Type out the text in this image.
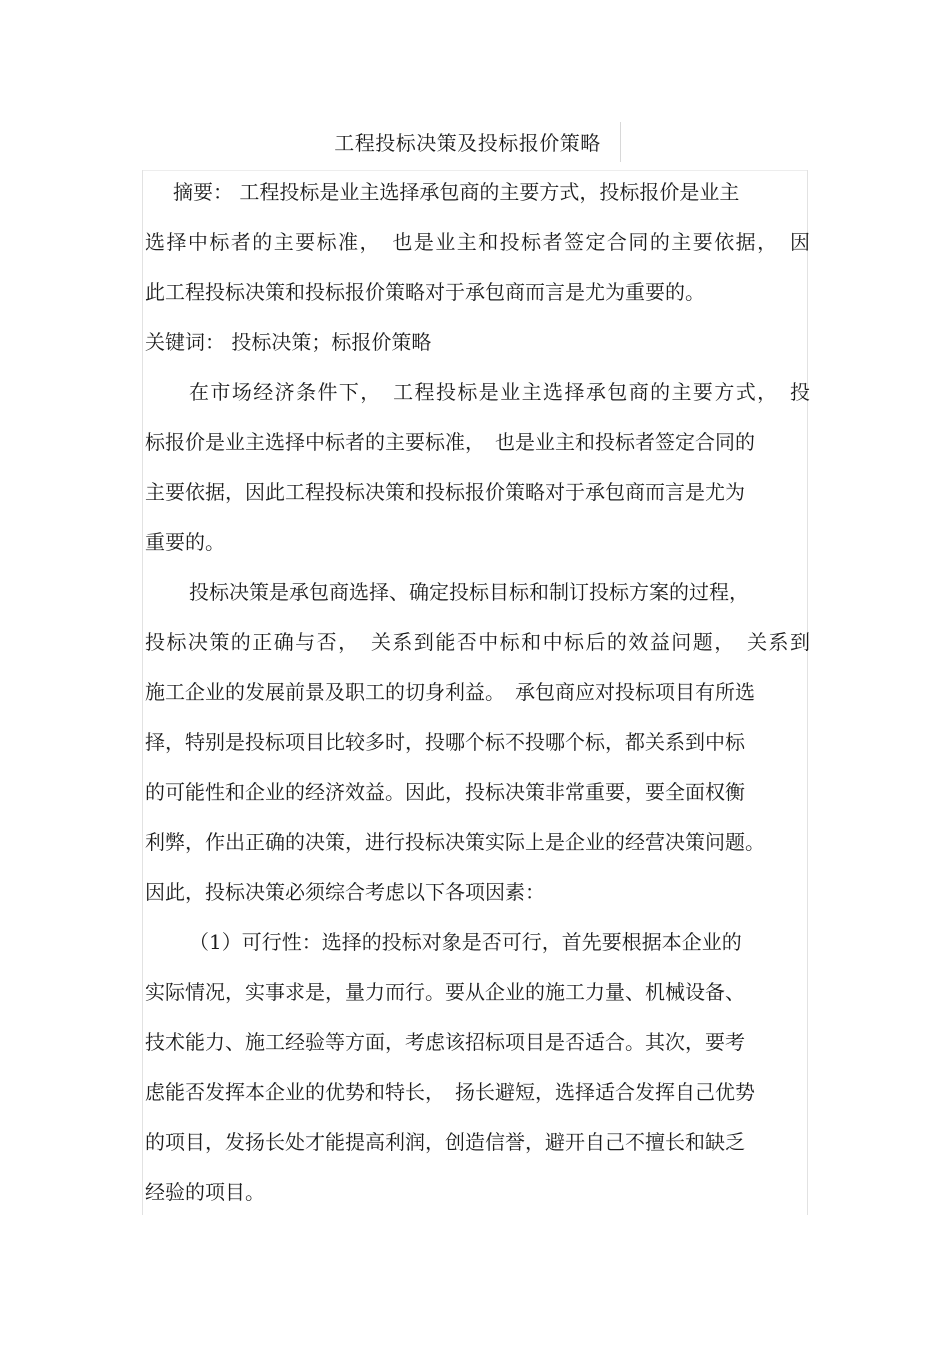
工程投标决策及投标报价策略
摘要： 工程投标是业主选择承包商的主要方式，投标报价是业主
选择中标者的主要标准，　也是业主和投标者签定合同的主要依据，　因
此工程投标决策和投标报价策略对于承包商而言是尤为重要的。
关键词： 投标决策；标报价策略
在市场经济条件下，　工程投标是业主选择承包商的主要方式，　投
标报价是业主选择中标者的主要标准，　也是业主和投标者签定合同的
主要依据，因此工程投标决策和投标报价策略对于承包商而言是尤为
重要的。
投标决策是承包商选择、确定投标目标和制订投标方案的过程，
投标决策的正确与否，　关系到能否中标和中标后的效益问题，　关系到
施工企业的发展前景及职工的切身利益。　承包商应对投标项目有所选
择，特别是投标项目比较多时，投哪个标不投哪个标，都关系到中标
的可能性和企业的经济效益。因此，投标决策非常重要，要全面权衡
利弊，作出正确的决策，进行投标决策实际上是企业的经营决策问题。
因此，投标决策必须综合考虑以下各项因素：
（1）可行性：选择的投标对象是否可行，首先要根据本企业的
实际情况，实事求是，量力而行。要从企业的施工力量、机械设备、
技术能力、施工经验等方面，考虑该招标项目是否适合。其次，要考
虑能否发挥本企业的优势和特长，　扬长避短，选择适合发挥自己优势
的项目，发扬长处才能提高利润，创造信誉，避开自己不擅长和缺乏
经验的项目。
